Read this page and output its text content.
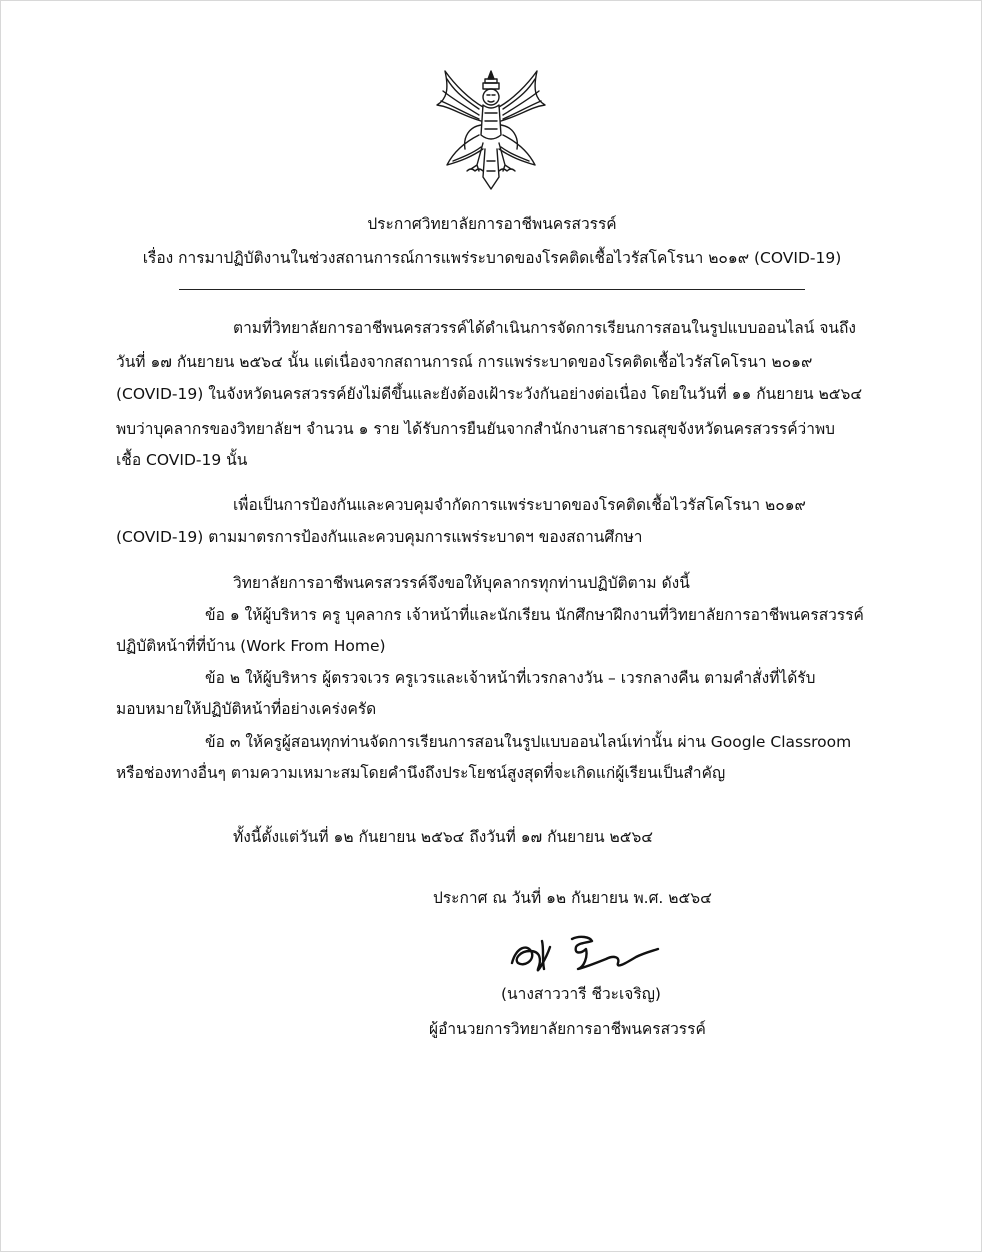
ประกาศวิทยาลัยการอาชีพนครสวรรค์
เรื่อง การมาปฏิบัติงานในช่วงสถานการณ์การแพร่ระบาดของโรคติดเชื้อไวรัสโคโรนา ๒๐๑๙ (COVID-19)
ตามที่วิทยาลัยการอาชีพนครสวรรค์ได้ดำเนินการจัดการเรียนการสอนในรูปแบบออนไลน์ จนถึง
วันที่ ๑๗ กันยายน ๒๕๖๔ นั้น แต่เนื่องจากสถานการณ์ การแพร่ระบาดของโรคติดเชื้อไวรัสโคโรนา ๒๐๑๙
(COVID-19) ในจังหวัดนครสวรรค์ยังไม่ดีขึ้นและยังต้องเฝ้าระวังกันอย่างต่อเนื่อง โดยในวันที่ ๑๑ กันยายน ๒๕๖๔
พบว่าบุคลากรของวิทยาลัยฯ จำนวน ๑ ราย ได้รับการยืนยันจากสำนักงานสาธารณสุขจังหวัดนครสวรรค์ว่าพบ
เชื้อ COVID-19 นั้น
เพื่อเป็นการป้องกันและควบคุมจำกัดการแพร่ระบาดของโรคติดเชื้อไวรัสโคโรนา ๒๐๑๙
(COVID-19) ตามมาตรการป้องกันและควบคุมการแพร่ระบาดฯ ของสถานศึกษา
วิทยาลัยการอาชีพนครสวรรค์จึงขอให้บุคลากรทุกท่านปฏิบัติตาม ดังนี้
ข้อ ๑ ให้ผู้บริหาร ครู บุคลากร เจ้าหน้าที่และนักเรียน นักศึกษาฝึกงานที่วิทยาลัยการอาชีพนครสวรรค์
ปฏิบัติหน้าที่ที่บ้าน (Work From Home)
ข้อ ๒ ให้ผู้บริหาร ผู้ตรวจเวร ครูเวรและเจ้าหน้าที่เวรกลางวัน – เวรกลางคืน ตามคำสั่งที่ได้รับ
มอบหมายให้ปฏิบัติหน้าที่อย่างเคร่งครัด
ข้อ ๓ ให้ครูผู้สอนทุกท่านจัดการเรียนการสอนในรูปแบบออนไลน์เท่านั้น ผ่าน Google Classroom
หรือช่องทางอื่นๆ ตามความเหมาะสมโดยคำนึงถึงประโยชน์สูงสุดที่จะเกิดแก่ผู้เรียนเป็นสำคัญ
ทั้งนี้ตั้งแต่วันที่ ๑๒ กันยายน ๒๕๖๔ ถึงวันที่ ๑๗ กันยายน ๒๕๖๔
ประกาศ ณ วันที่ ๑๒ กันยายน พ.ศ. ๒๕๖๔
(นางสาววารี ชีวะเจริญ)
ผู้อำนวยการวิทยาลัยการอาชีพนครสวรรค์
